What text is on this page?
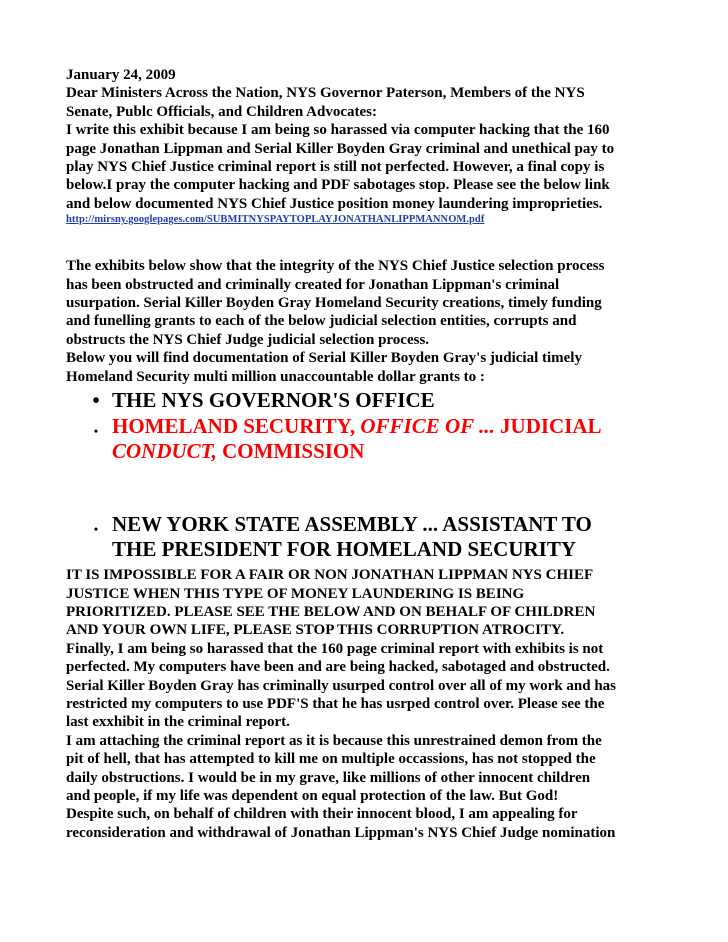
January 24, 2009
Dear Ministers Across the Nation, NYS Governor Paterson, Members of the NYS
Senate, Publc Officials, and Children Advocates:
I write this exhibit because I am being so harassed via computer hacking that the 160
page Jonathan Lippman and Serial Killer Boyden Gray criminal and unethical pay to
play NYS Chief Justice criminal report is still not perfected. However, a final copy is
below.I pray the computer hacking and PDF sabotages stop. Please see the below link
and below documented NYS Chief Justice position money laundering improprieties.
http://mirsny.googlepages.com/SUBMITNYSPAYTOPLAYJONATHANLIPPMANNOM.pdf
The exhibits below show that the integrity of the NYS Chief Justice selection process
has been obstructed and criminally created for Jonathan Lippman's criminal
usurpation. Serial Killer Boyden Gray Homeland Security creations, timely funding
and funelling grants to each of the below judicial selection entities, corrupts and
obstructs the NYS Chief Judge judicial selection process.
Below you will find documentation of Serial Killer Boyden Gray's judicial timely
Homeland Security multi million unaccountable dollar grants to :
• THE NYS GOVERNOR'S OFFICE
• HOMELAND SECURITY, OFFICE OF ... JUDICIAL
CONDUCT, COMMISSION
• NEW YORK STATE ASSEMBLY ... ASSISTANT TO
THE PRESIDENT FOR HOMELAND SECURITY
IT IS IMPOSSIBLE FOR A FAIR OR NON JONATHAN LIPPMAN NYS CHIEF
JUSTICE WHEN THIS TYPE OF MONEY LAUNDERING IS BEING
PRIORITIZED. PLEASE SEE THE BELOW AND ON BEHALF OF CHILDREN
AND YOUR OWN LIFE, PLEASE STOP THIS CORRUPTION ATROCITY.
Finally, I am being so harassed that the 160 page criminal report with exhibits is not
perfected. My computers have been and are being hacked, sabotaged and obstructed.
Serial Killer Boyden Gray has criminally usurped control over all of my work and has
restricted my computers to use PDF'S that he has usrped control over. Please see the
last exxhibit in the criminal report.
I am attaching the criminal report as it is because this unrestrained demon from the
pit of hell, that has attempted to kill me on multiple occassions, has not stopped the
daily obstructions. I would be in my grave, like millions of other innocent children
and people, if my life was dependent on equal protection of the law. But God!
Despite such, on behalf of children with their innocent blood, I am appealing for
reconsideration and withdrawal of Jonathan Lippman's NYS Chief Judge nomination
